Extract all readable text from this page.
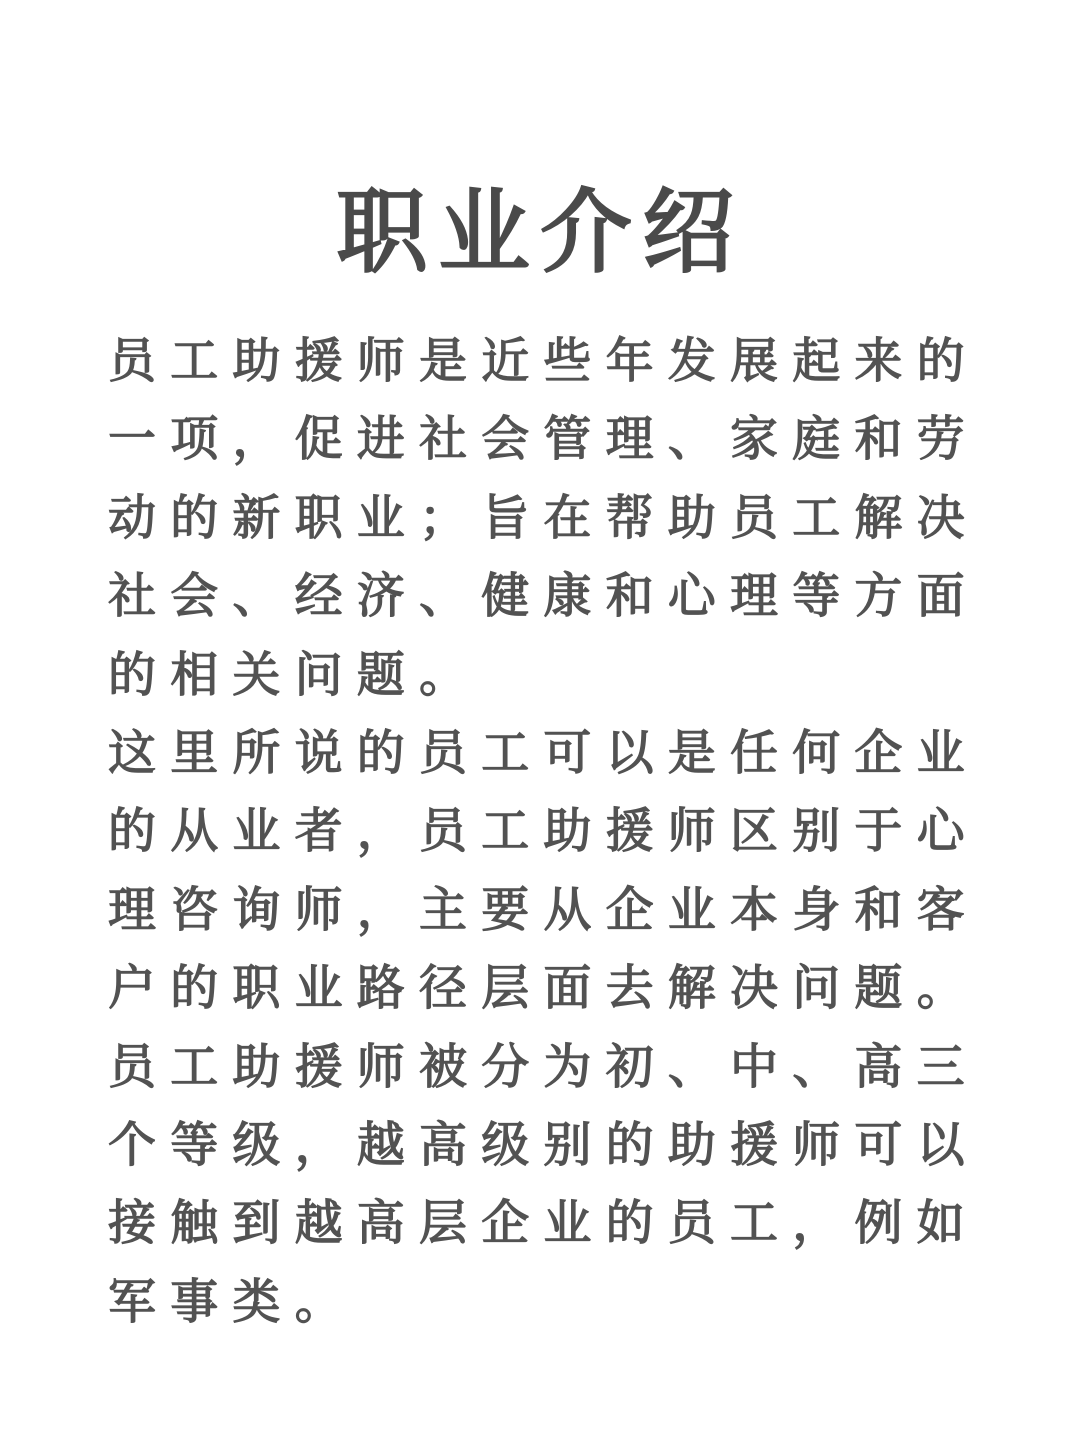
职业介绍
员工助援师是近些年发展起来的
一项，促进社会管理、家庭和劳
动的新职业；旨在帮助员工解决
社会、经济、健康和心理等方面
的相关问题。
这里所说的员工可以是任何企业
的从业者，员工助援师区别于心
理咨询师，主要从企业本身和客
户的职业路径层面去解决问题。
员工助援师被分为初、中、高三
个等级，越高级别的助援师可以
接触到越高层企业的员工，例如
军事类。
